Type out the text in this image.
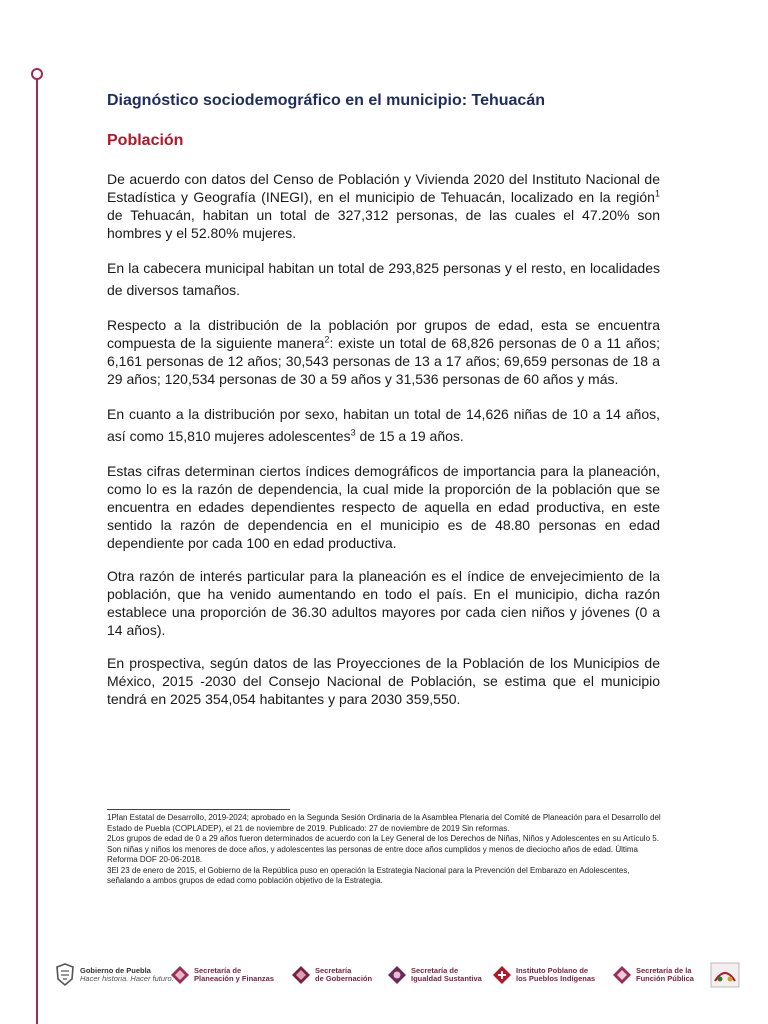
Diagnóstico sociodemográfico en el municipio: Tehuacán
Población

De acuerdo con datos del Censo de Población y Vivienda 2020 del Instituto Nacional de Estadística y Geografía (INEGI), en el municipio de Tehuacán, localizado en la región$^1$ de Tehuacán, habitan un total de 327,312 personas, de las cuales el 47.20% son hombres y el 52.80% mujeres.

En la cabecera municipal habitan un total de 293,825 personas y el resto, en localidades de diversos tamaños.

Respecto a la distribución de la población por grupos de edad, esta se encuentra compuesta de la siguiente manera$^2$: existe un total de 68,826 personas de 0 a 11 años; 6,161 personas de 12 años; 30,543 personas de 13 a 17 años; 69,659 personas de 18 a 29 años; 120,534 personas de 30 a 59 años y 31,536 personas de 60 años y más.

En cuanto a la distribución por sexo, habitan un total de 14,626 niñas de 10 a 14 años, así como 15,810 mujeres adolescentes$^3$ de 15 a 19 años.

Estas cifras determinan ciertos índices demográficos de importancia para la planeación, como lo es la razón de dependencia, la cual mide la proporción de la población que se encuentra en edades dependientes respecto de aquella en edad productiva, en este sentido la razón de dependencia en el municipio es de 48.80 personas en edad dependiente por cada 100 en edad productiva.

Otra razón de interés particular para la planeación es el índice de envejecimiento de la población, que ha venido aumentando en todo el país. En el municipio, dicha razón establece una proporción de 36.30 adultos mayores por cada cien niños y jóvenes (0 a 14 años).

En prospectiva, según datos de las Proyecciones de la Población de los Municipios de México, 2015 -2030 del Consejo Nacional de Población, se estima que el municipio tendrá en 2025 354,054 habitantes y para 2030 359,550.

1Plan Estatal de Desarrollo, 2019-2024; aprobado en la Segunda Sesión Ordinaria de la Asamblea Plenaria del Comité de Planeación para el Desarrollo del Estado de Puebla (COPLADEP), el 21 de noviembre de 2019. Publicado: 27 de noviembre de 2019 Sin reformas.

2Los grupos de edad de 0 a 29 años fueron determinados de acuerdo con la Ley General de los Derechos de Niñas, Niños y Adolescentes en su Artículo 5. Son niñas y niños los menores de doce años, y adolescentes las personas de entre doce años cumplidos y menos de dieciocho años de edad. Última Reforma DOF 20-06-2018.

3El 23 de enero de 2015, el Gobierno de la República puso en operación la Estrategia Nacional para la Prevención del Embarazo en Adolescentes, señalando a ambos grupos de edad como población objetivo de la Estrategia.

Gobierno de Puebla
Hacer historia. Hacer futuro.
Secretaría de
Planeación y Finanzas
Secretaría
de Gobernación
Secretaría de
Igualdad Sustantiva
Instituto Poblano de
los Pueblos Indígenas
Secretaría de la
Función Pública
